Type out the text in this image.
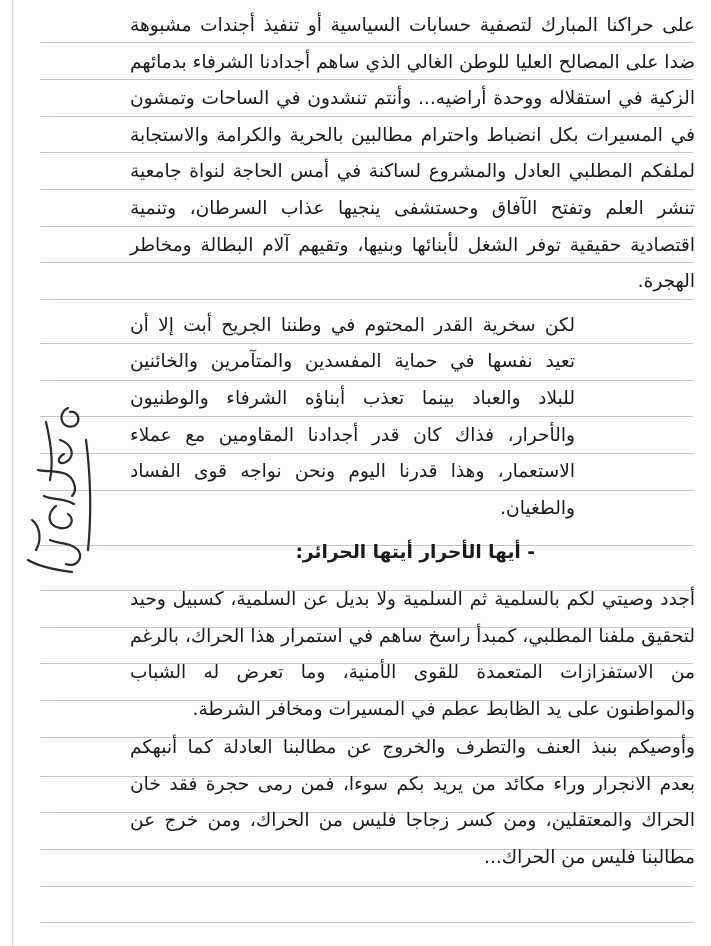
على حراكنا المبارك لتصفية حسابات السياسية أو تنفيذ أجندات مشبوهة ضدا على المصالح العليا للوطن الغالي الذي ساهم أجدادنا الشرفاء بدمائهم الزكية في استقلاله ووحدة أراضيه... وأنتم تنشدون في الساحات وتمشون في المسيرات بكل انضباط واحترام مطالبين بالحرية والكرامة والاستجابة لملفكم المطلبي العادل والمشروع لساكنة في أمس الحاجة لنواة جامعية تنشر العلم وتفتح الآفاق وحستشفى ينجيها عذاب السرطان، وتنمية اقتصادية حقيقية توفر الشغل لأبنائها وبنيها، وتقيهم آلام البطالة ومخاطر الهجرة.

لكن سخرية القدر المحتوم في وطننا الجريح أبت إلا أن تعيد نفسها في حماية المفسدين والمتآمرين والخائنين للبلاد والعباد بينما تعذب أبناؤه الشرفاء والوطنيون والأحرار، فذاك كان قدر أجدادنا المقاومين مع عملاء الاستعمار، وهذا قدرنا اليوم ونحن نواجه قوى الفساد والطغيان.

- أيها الأحرار أيتها الحرائر:

أجدد وصيتي لكم بالسلمية ثم السلمية ولا بديل عن السلمية، كسبيل وحيد لتحقيق ملفنا المطلبي، كمبدأ راسخ ساهم في استمرار هذا الحراك، بالرغم من الاستفزازات المتعمدة للقوى الأمنية، وما تعرض له الشباب والمواطنون على يد الظابط عطم في المسيرات ومخافر الشرطة.

وأوصيكم بنبذ العنف والتطرف والخروج عن مطالبنا العادلة كما أنبهكم بعدم الانجرار وراء مكائد من يريد بكم سوءا، فمن رمى حجرة فقد خان الحراك والمعتقلين، ومن كسر زجاجا فليس من الحراك، ومن خرج عن مطالبنا فليس من الحراك...
